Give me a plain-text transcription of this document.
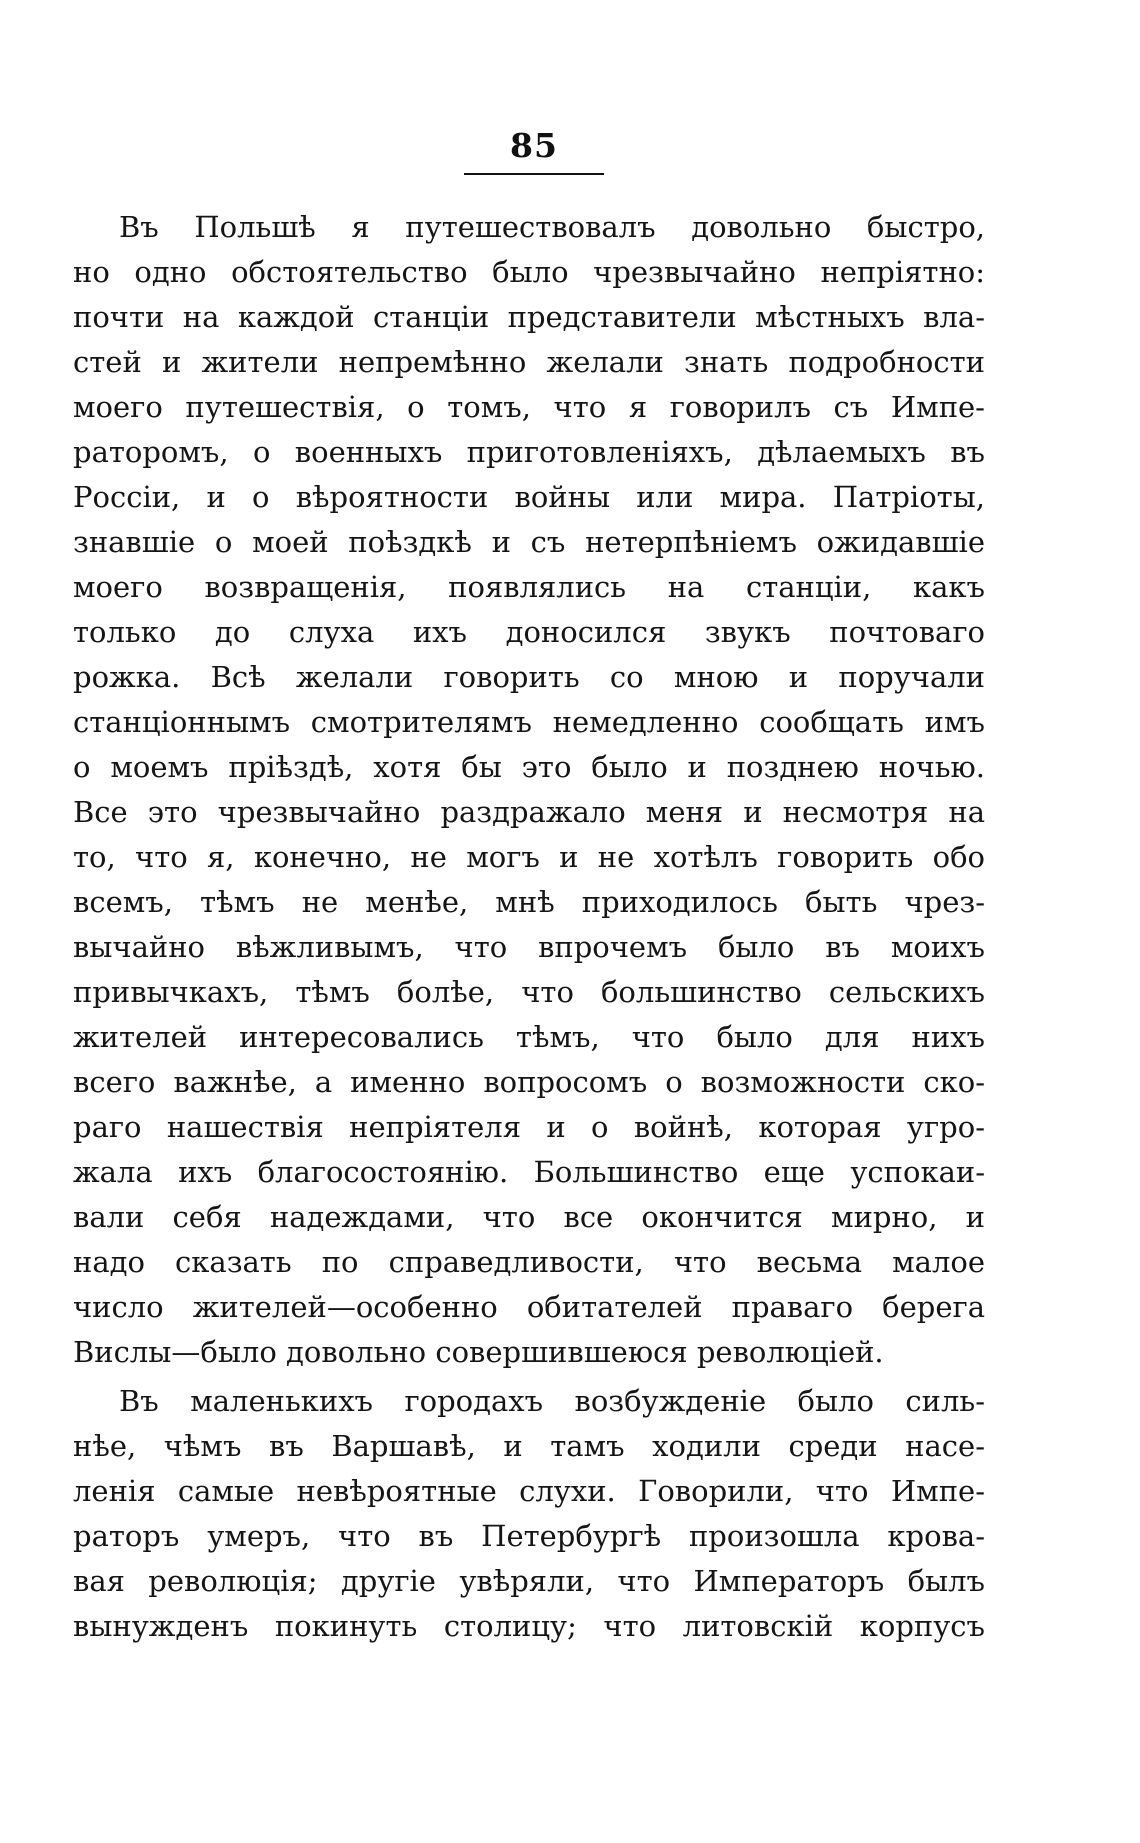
85
Въ Польшѣ я путешествовалъ довольно быстро,
но одно обстоятельство было чрезвычайно непріятно:
почти на каждой станціи представители мѣстныхъ вла-
стей и жители непремѣнно желали знать подробности
моего путешествія, о томъ, что я говорилъ съ Импе-
раторомъ, о военныхъ приготовленіяхъ, дѣлаемыхъ въ
Россіи, и о вѣроятности войны или мира. Патріоты,
знавшіе о моей поѣздкѣ и съ нетерпѣніемъ ожидавшіе
моего возвращенія, появлялись на станціи, какъ
только до слуха ихъ доносился звукъ почтоваго
рожка. Всѣ желали говорить со мною и поручали
станціоннымъ смотрителямъ немедленно сообщать имъ
о моемъ пріѣздѣ, хотя бы это было и позднею ночью.
Все это чрезвычайно раздражало меня и несмотря на
то, что я, конечно, не могъ и не хотѣлъ говорить обо
всемъ, тѣмъ не менѣе, мнѣ приходилось быть чрез-
вычайно вѣжливымъ, что впрочемъ было въ моихъ
привычкахъ, тѣмъ болѣе, что большинство сельскихъ
жителей интересовались тѣмъ, что было для нихъ
всего важнѣе, а именно вопросомъ о возможности ско-
раго нашествія непріятеля и о войнѣ, которая угро-
жала ихъ благосостоянію. Большинство еще успокаи-
вали себя надеждами, что все окончится мирно, и
надо сказать по справедливости, что весьма малое
число жителей—особенно обитателей праваго берега
Вислы—было довольно совершившеюся революціей.
Въ маленькихъ городахъ возбужденіе было силь-
нѣе, чѣмъ въ Варшавѣ, и тамъ ходили среди насе-
ленія самые невѣроятные слухи. Говорили, что Импе-
раторъ умеръ, что въ Петербургѣ произошла крова-
вая революція; другіе увѣряли, что Императоръ былъ
вынужденъ покинуть столицу; что литовскій корпусъ
